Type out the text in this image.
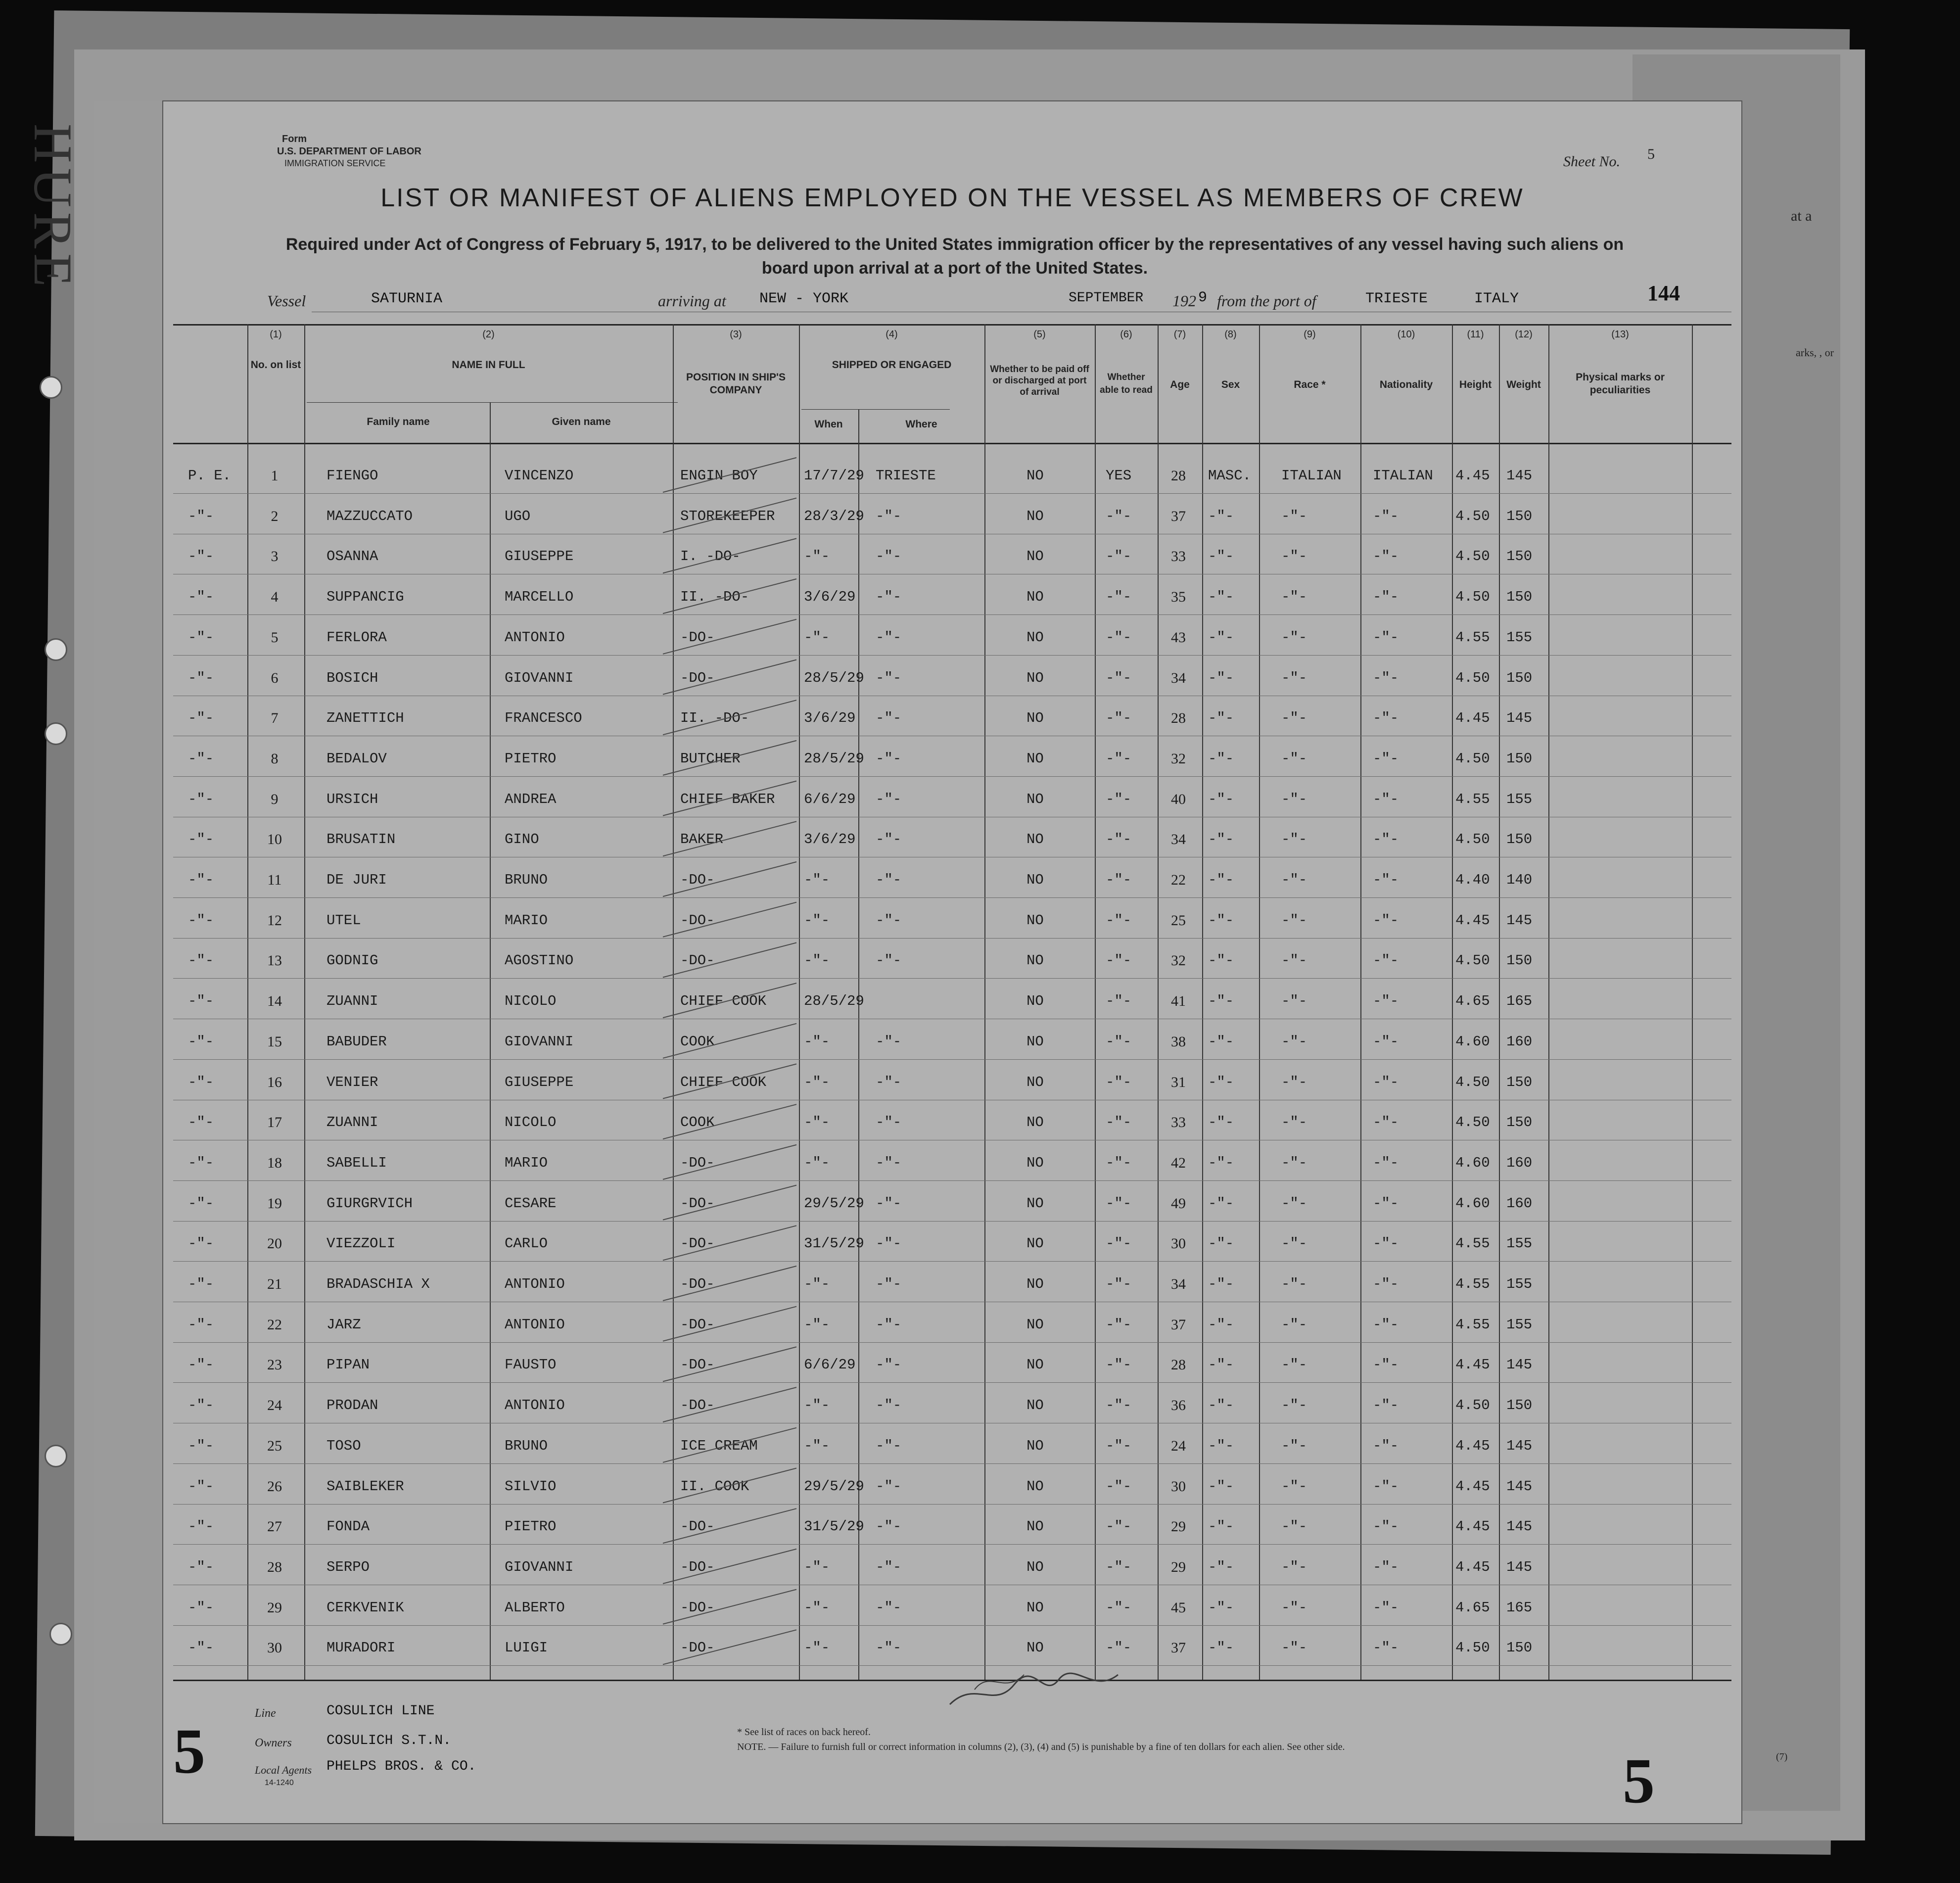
at a
arks, , or
(7)
HURE	Form
U.S. DEPARTMENT OF LABOR
IMMIGRATION SERVICE	Sheet No. 5
LIST OR MANIFEST OF ALIENS EMPLOYED ON THE VESSEL AS MEMBERS OF CREW
Required under Act of Congress of February 5, 1917, to be delivered to the United States immigration officer by the representatives of any vessel having such aliens on board upon arrival at a port of the United States.
Vessel	SATURNIA	arriving at NEW - YORK	SEPTEMBER 192 9 from the port of	TRIESTE	ITALY	144
(1)	(2)	(3)	(4)	(5)	(6)	(7)	(8)	(9)	(10)	(11)	(12)	(13)
No. on list	NAME IN FULL
Family name	Given name
POSITION IN SHIP'S COMPANY
SHIPPED OR ENGAGED
When	Where
Whether to be paid off or discharged at port of arrival
Whether able to read	Age	Sex	Race *	Nationality	Height	Weight
Physical marks or peculiarities
P. E.	1	FIENGO	VINCENZO	ENGIN BOY	17/7/29 TRIESTE	NO	YES	28	MASC. ITALIAN ITALIAN 4.45 145
-"-	2	MAZZUCCATO	UGO	STOREKEEPER 28/3/29 -"-	NO	-"-	37	-"-	-"-	-"-	4.50 150
-"-	3	OSANNA	GIUSEPPE	I. -DO-	-"-	-"-	NO	-"-	33	-"-	-"-	-"-	4.50 150
-"-	4	SUPPANCIG	MARCELLO	II. -DO-	3/6/29 -"-	NO	-"-	35	-"-	-"-	-"-	4.50 150
-"-	5	FERLORA	ANTONIO	-DO-	-"-	-"-	NO	-"-	43	-"-	-"-	-"-	4.55 155
-"-	6	BOSICH	GIOVANNI	-DO-	28/5/29 -"-	NO	-"-	34	-"-	-"-	-"-	4.50 150
-"-	7	ZANETTICH	FRANCESCO	II. -DO-	3/6/29 -"-	NO	-"-	28	-"-	-"-	-"-	4.45 145
-"-	8	BEDALOV	PIETRO	BUTCHER	28/5/29 -"-	NO	-"-	32	-"-	-"-	-"-	4.50 150
-"-	9	URSICH	ANDREA	CHIEF BAKER 6/6/29 -"-	NO	-"-	40	-"-	-"-	-"-	4.55 155
-"-	10	BRUSATIN	GINO	BAKER	3/6/29 -"-	NO	-"-	34	-"-	-"-	-"-	4.50 150
-"-	11	DE JURI	BRUNO	-DO-	-"-	-"-	NO	-"-	22	-"-	-"-	-"-	4.40 140
-"-	12	UTEL	MARIO	-DO-	-"-	-"-	NO	-"-	25	-"-	-"-	-"-	4.45 145
-"-	13	GODNIG	AGOSTINO	-DO-	-"-	-"-	NO	-"-	32	-"-	-"-	-"-	4.50 150
-"-	14	ZUANNI	NICOLO	CHIEF COOK	28/5/29	NO	-"-	41	-"-	-"-	-"-	4.65 165
-"-	15	BABUDER	GIOVANNI	COOK	-"-	-"-	NO	-"-	38	-"-	-"-	-"-	4.60 160
-"-	16	VENIER	GIUSEPPE	CHIEF COOK	-"-	-"-	NO	-"-	31	-"-	-"-	-"-	4.50 150
-"-	17	ZUANNI	NICOLO	COOK	-"-	-"-	NO	-"-	33	-"-	-"-	-"-	4.50 150
-"-	18	SABELLI	MARIO	-DO-	-"-	-"-	NO	-"-	42	-"-	-"-	-"-	4.60 160
-"-	19	GIURGRVICH	CESARE	-DO-	29/5/29 -"-	NO	-"-	49	-"-	-"-	-"-	4.60 160
-"-	20	VIEZZOLI	CARLO	-DO-	31/5/29 -"-	NO	-"-	30	-"-	-"-	-"-	4.55 155
-"-	21	BRADASCHIA X	ANTONIO	-DO-	-"-	-"-	NO	-"-	34	-"-	-"-	-"-	4.55 155
-"-	22	JARZ	ANTONIO	-DO-	-"-	-"-	NO	-"-	37	-"-	-"-	-"-	4.55 155
-"-	23	PIPAN	FAUSTO	-DO-	6/6/29 -"-	NO	-"-	28	-"-	-"-	-"-	4.45 145
-"-	24	PRODAN	ANTONIO	-DO-	-"-	-"-	NO	-"-	36	-"-	-"-	-"-	4.50 150
-"-	25	TOSO	BRUNO	ICE CREAM	-"-	-"-	NO	-"-	24	-"-	-"-	-"-	4.45 145
-"-	26	SAIBLEKER	SILVIO	II. COOK	29/5/29 -"-	NO	-"-	30	-"-	-"-	-"-	4.45 145
-"-	27	FONDA	PIETRO	-DO-	31/5/29 -"-	NO	-"-	29	-"-	-"-	-"-	4.45 145
-"-	28	SERPO	GIOVANNI	-DO-	-"-	-"-	NO	-"-	29	-"-	-"-	-"-	4.45 145
-"-	29	CERKVENIK	ALBERTO	-DO-	-"-	-"-	NO	-"-	45	-"-	-"-	-"-	4.65 165
-"-	30	MURADORI	LUIGI	-DO-	-"-	-"-	NO	-"-	37	-"-	-"-	-"-	4.50 150
5
Line	COSULICH LINE
Owners	COSULICH S.T.N.
Local Agents PHELPS BROS. & CO.
14-1240
* See list of races on back hereof.
NOTE. — Failure to furnish full or correct information in columns (2), (3), (4) and (5) is punishable by a fine of ten dollars for each alien. See other side.	5
